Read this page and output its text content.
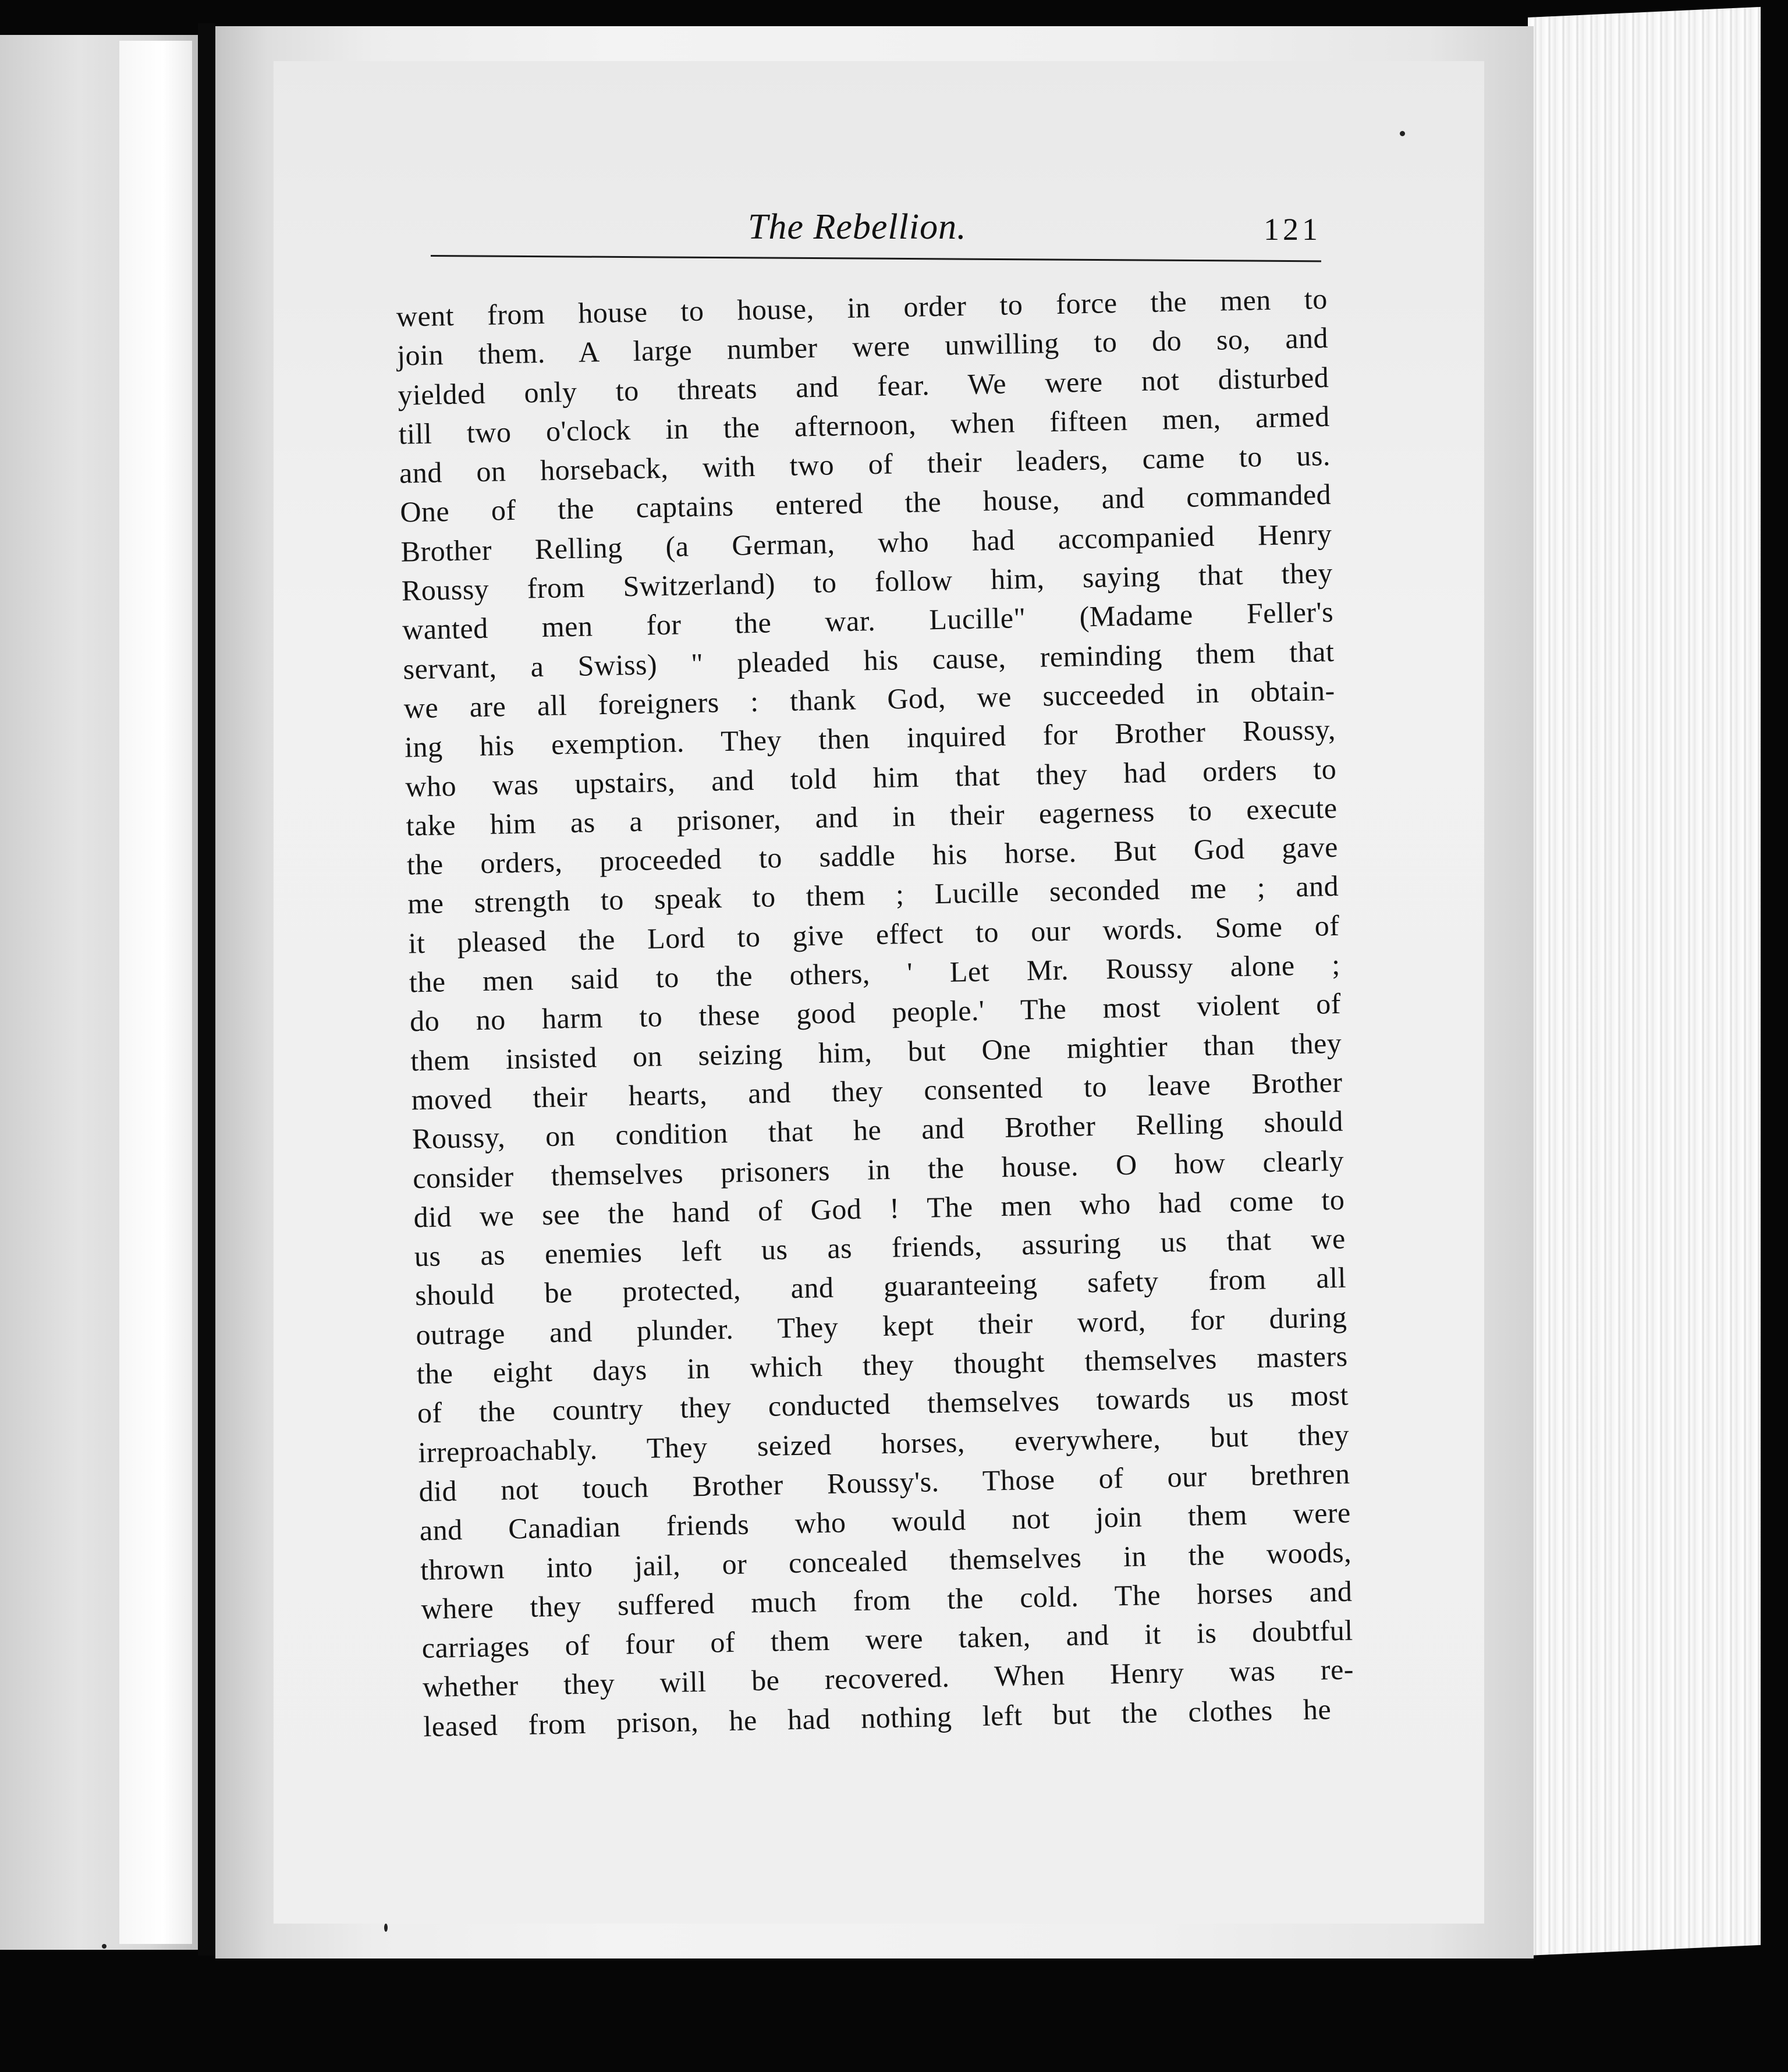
The Rebellion.	121
went from house to house, in order to force the men to
join them. A large number were unwilling to do so, and
yielded only to threats and fear. We were not disturbed
till two o'clock in the afternoon, when fifteen men, armed
and on horseback, with two of their leaders, came to us.
One of the captains entered the house, and commanded
Brother Relling (a German, who had accompanied Henry
Roussy from Switzerland) to follow him, saying that they
wanted men for the war. Lucille" (Madame Feller's
servant, a Swiss) " pleaded his cause, reminding them that
we are all foreigners : thank God, we succeeded in obtain-
ing his exemption. They then inquired for Brother Roussy,
who was upstairs, and told him that they had orders to
take him as a prisoner, and in their eagerness to execute
the orders, proceeded to saddle his horse. But God gave
me strength to speak to them ; Lucille seconded me ; and
it pleased the Lord to give effect to our words. Some of
the men said to the others, ' Let Mr. Roussy alone ;
do no harm to these good people.' The most violent of
them insisted on seizing him, but One mightier than they
moved their hearts, and they consented to leave Brother
Roussy, on condition that he and Brother Relling should
consider themselves prisoners in the house. O how clearly
did we see the hand of God ! The men who had come to
us as enemies left us as friends, assuring us that we
should be protected, and guaranteeing safety from all
outrage and plunder. They kept their word, for during
the eight days in which they thought themselves masters
of the country they conducted themselves towards us most
irreproachably. They seized horses, everywhere, but they
did not touch Brother Roussy's. Those of our brethren
and Canadian friends who would not join them were
thrown into jail, or concealed themselves in the woods,
where they suffered much from the cold. The horses and
carriages of four of them were taken, and it is doubtful
whether they will be recovered. When Henry was re-
leased from prison, he had nothing left but the clothes he
